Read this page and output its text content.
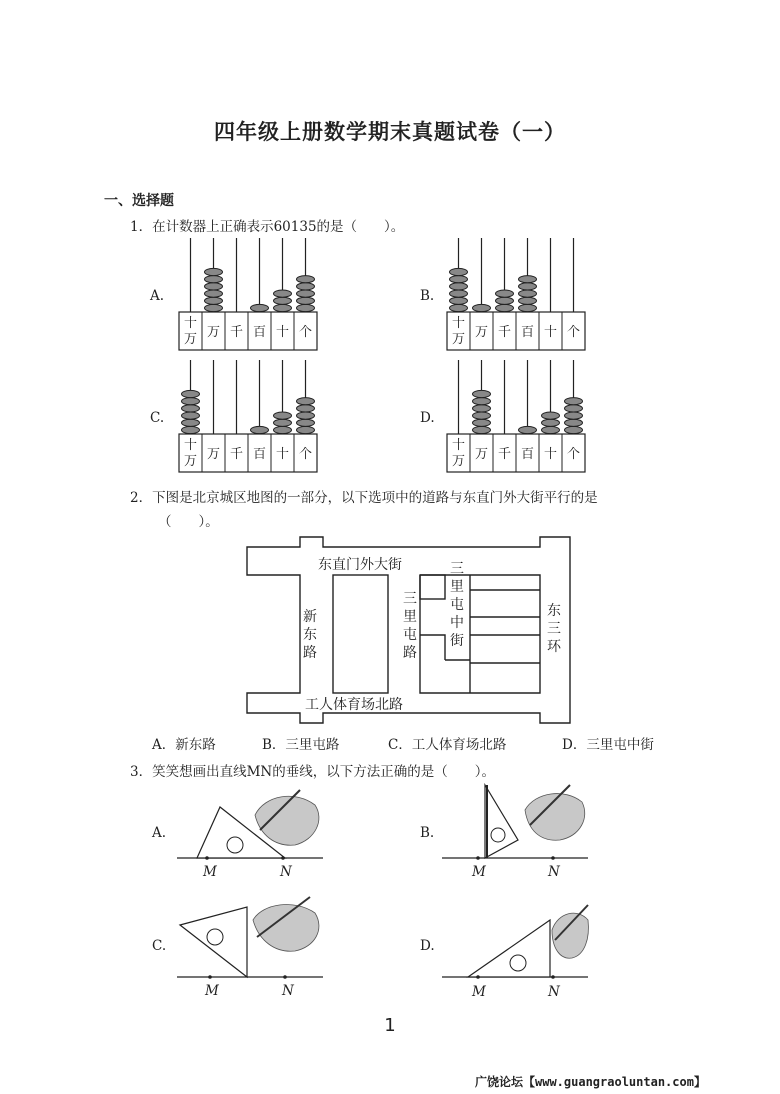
四年级上册数学期末真题试卷（一）
一、选择题
1．在计数器上正确表示60135的是（　　）。
A.
十
万 万 千 百 十 个
B.
十
万 万 千 百 十 个
C.
十
万 万 千 百 十 个
D.
十
万 万 千 百 十 个
2．下图是北京城区地图的一部分，以下选项中的道路与东直门外大街平行的是
（　　）。
东直门外大街
新
东
路
三
里
屯
路
三
里
屯
中
街
东
三
环
工人体育场北路
A．新东路	B．三里屯路	C．工人体育场北路	D．三里屯中街
3．笑笑想画出直线MN的垂线，以下方法正确的是（　　）。
A.
M	N
B.
M	N
C.
M	N
D.
M	N
1
广饶论坛【www.guangraoluntan.com】
